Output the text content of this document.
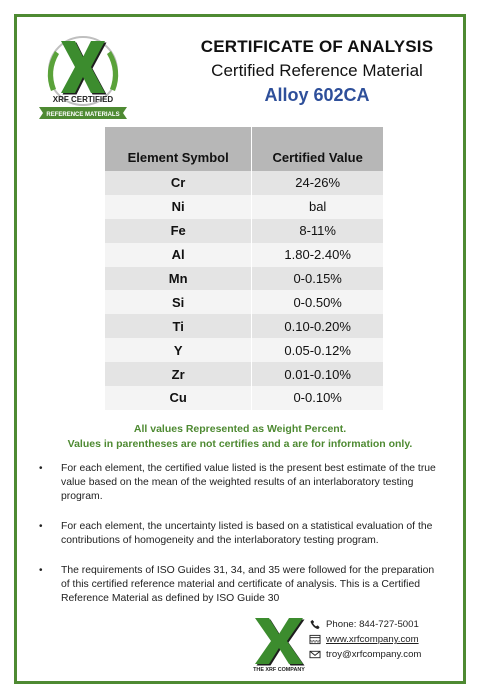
XRF CERTIFIED
REFERENCE MATERIALS
CERTIFICATE OF ANALYSIS
Certified Reference Material
Alloy 602CA
Element Symbol	Certified Value
Cr	24-26%
Ni	bal
Fe	8-11%
Al	1.80-2.40%
Mn	0-0.15%
Si	0-0.50%
Ti	0.10-0.20%
Y	0.05-0.12%
Zr	0.01-0.10%
Cu	0-0.10%
All values Represented as Weight Percent.
Values in parentheses are not certifies and a are for information only.
• For each element, the certified value listed is the present best estimate of the true value based on the mean of the weighted results of an interlaboratory testing program.
• For each element, the uncertainty listed is based on a statistical evaluation of the contributions of homogeneity and the interlaboratory testing program.
• The requirements of ISO Guides 31, 34, and 35 were followed for the preparation of this certified reference material and certificate of analysis. This is a Certified Reference Material as defined by ISO Guide 30
THE XRF COMPANY
Phone: 844-727-5001
www www.xrfcompany.com
troy@xrfcompany.com
